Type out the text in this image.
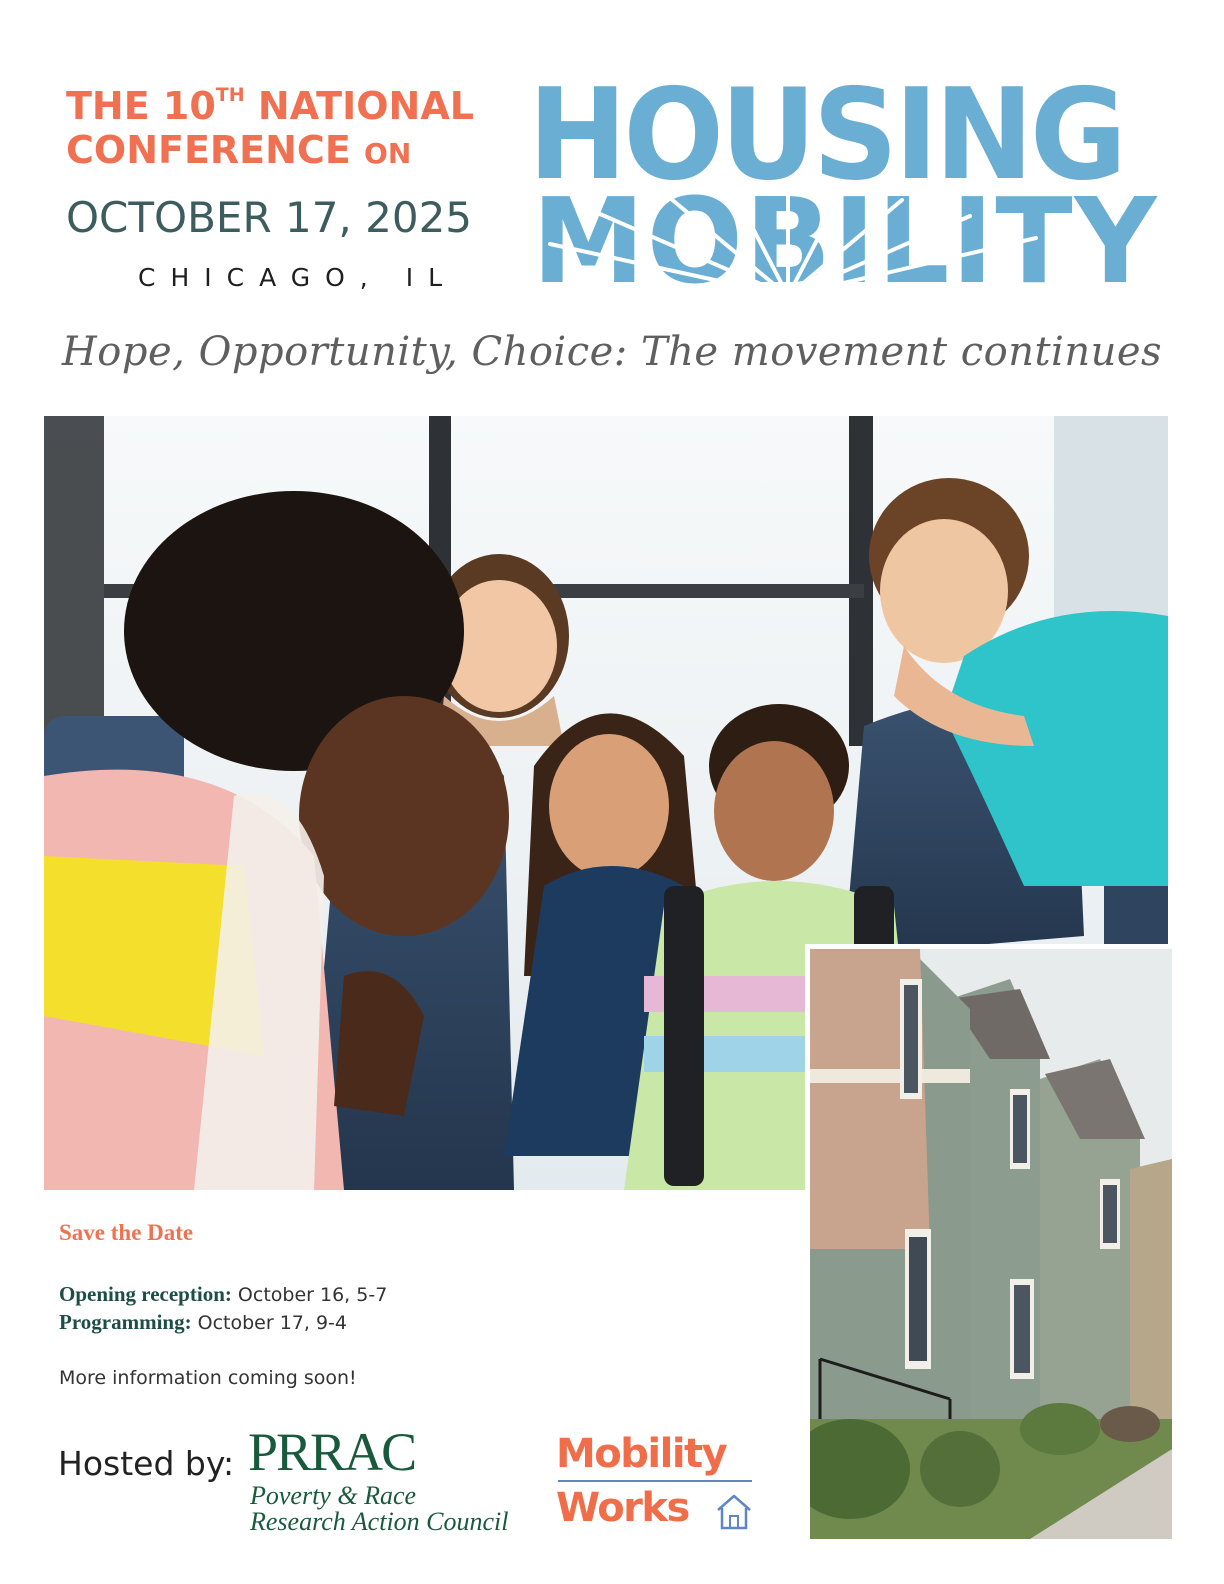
THE 10TH NATIONAL
CONFERENCE ON
OCTOBER 17, 2025
CHICAGO, IL
HOUSING
MOBILITY
Hope, Opportunity, Choice: The movement continues
Save the Date
Opening reception: October 16, 5-7
Programming: October 17, 9-4
More information coming soon!
Hosted by: PRRAC
Poverty & Race
Research Action Council
Mobility
Works
